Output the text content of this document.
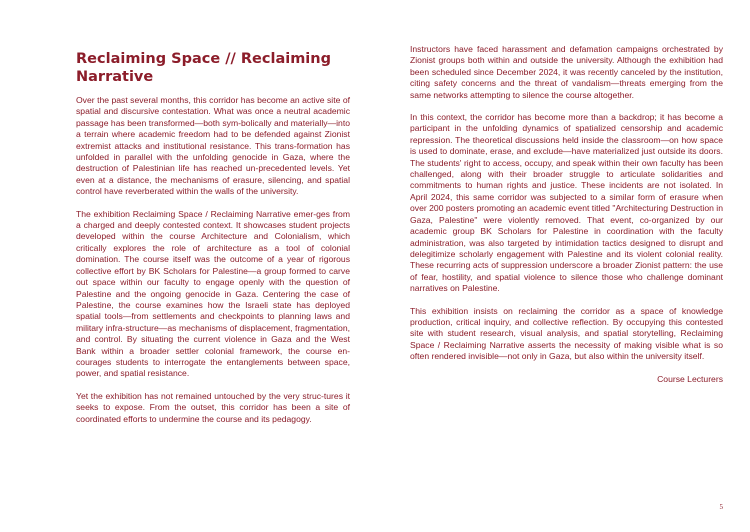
Reclaiming Space // Reclaiming Narrative

Over the past several months, this corridor has become an active site of spatial and discursive contestation. What was once a neutral academic passage has been transformed—both sym-bolically and materially—into a terrain where academic freedom had to be defended against Zionist extremist attacks and institutional resistance. This trans-formation has unfolded in parallel with the unfolding genocide in Gaza, where the destruction of Palestinian life has reached un-precedented levels. Yet even at a distance, the mechanisms of erasure, silencing, and spatial control have reverberated within the walls of the university.

The exhibition Reclaiming Space / Reclaiming Narrative emer-ges from a charged and deeply contested context. It showcases student projects developed within the course Architecture and Colonialism, which critically explores the role of architecture as a tool of colonial domination. The course itself was the outcome of a year of rigorous collective effort by BK Scholars for Palestine—a group formed to carve out space within our faculty to engage openly with the question of Palestine and the ongoing genocide in Gaza. Centering the case of Palestine, the course examines how the Israeli state has deployed spatial tools—from settlements and checkpoints to planning laws and military infra-structure—as mechanisms of displacement, fragmentation, and control. By situating the current violence in Gaza and the West Bank within a broader settler colonial framework, the course en-courages students to interrogate the entanglements between space, power, and spatial resistance.

Yet the exhibition has not remained untouched by the very struc-tures it seeks to expose. From the outset, this corridor has been a site of coordinated efforts to undermine the course and its pedagogy.

Instructors have faced harassment and defamation campaigns orchestrated by Zionist groups both within and outside the university. Although the exhibition had been scheduled since December 2024, it was recently canceled by the institution, citing safety concerns and the threat of vandalism—threats emerging from the same networks attempting to silence the course altogether.

In this context, the corridor has become more than a backdrop; it has become a participant in the unfolding dynamics of spatialized censorship and academic repression. The theoretical discussions held inside the classroom—on how space is used to dominate, erase, and exclude—have materialized just outside its doors. The students' right to access, occupy, and speak within their own faculty has been challenged, along with their broader struggle to articulate solidarities and commitments to human rights and justice. These incidents are not isolated. In April 2024, this same corridor was subjected to a similar form of erasure when over 200 posters promoting an academic event titled "Architecturing Destruction in Gaza, Palestine" were violently removed. That event, co-organized by our academic group BK Scholars for Palestine in coordination with the faculty administration, was also targeted by intimidation tactics designed to disrupt and delegitimize scholarly engagement with Palestine and its violent colonial reality. These recurring acts of suppression underscore a broader Zionist pattern: the use of fear, hostility, and spatial violence to silence those who challenge dominant narratives on Palestine.

This exhibition insists on reclaiming the corridor as a space of knowledge production, critical inquiry, and collective reflection. By occupying this contested site with student research, visual analysis, and spatial storytelling, Reclaiming Space / Reclaiming Narrative asserts the necessity of making visible what is so often rendered invisible—not only in Gaza, but also within the university itself.

Course Lecturers
5
